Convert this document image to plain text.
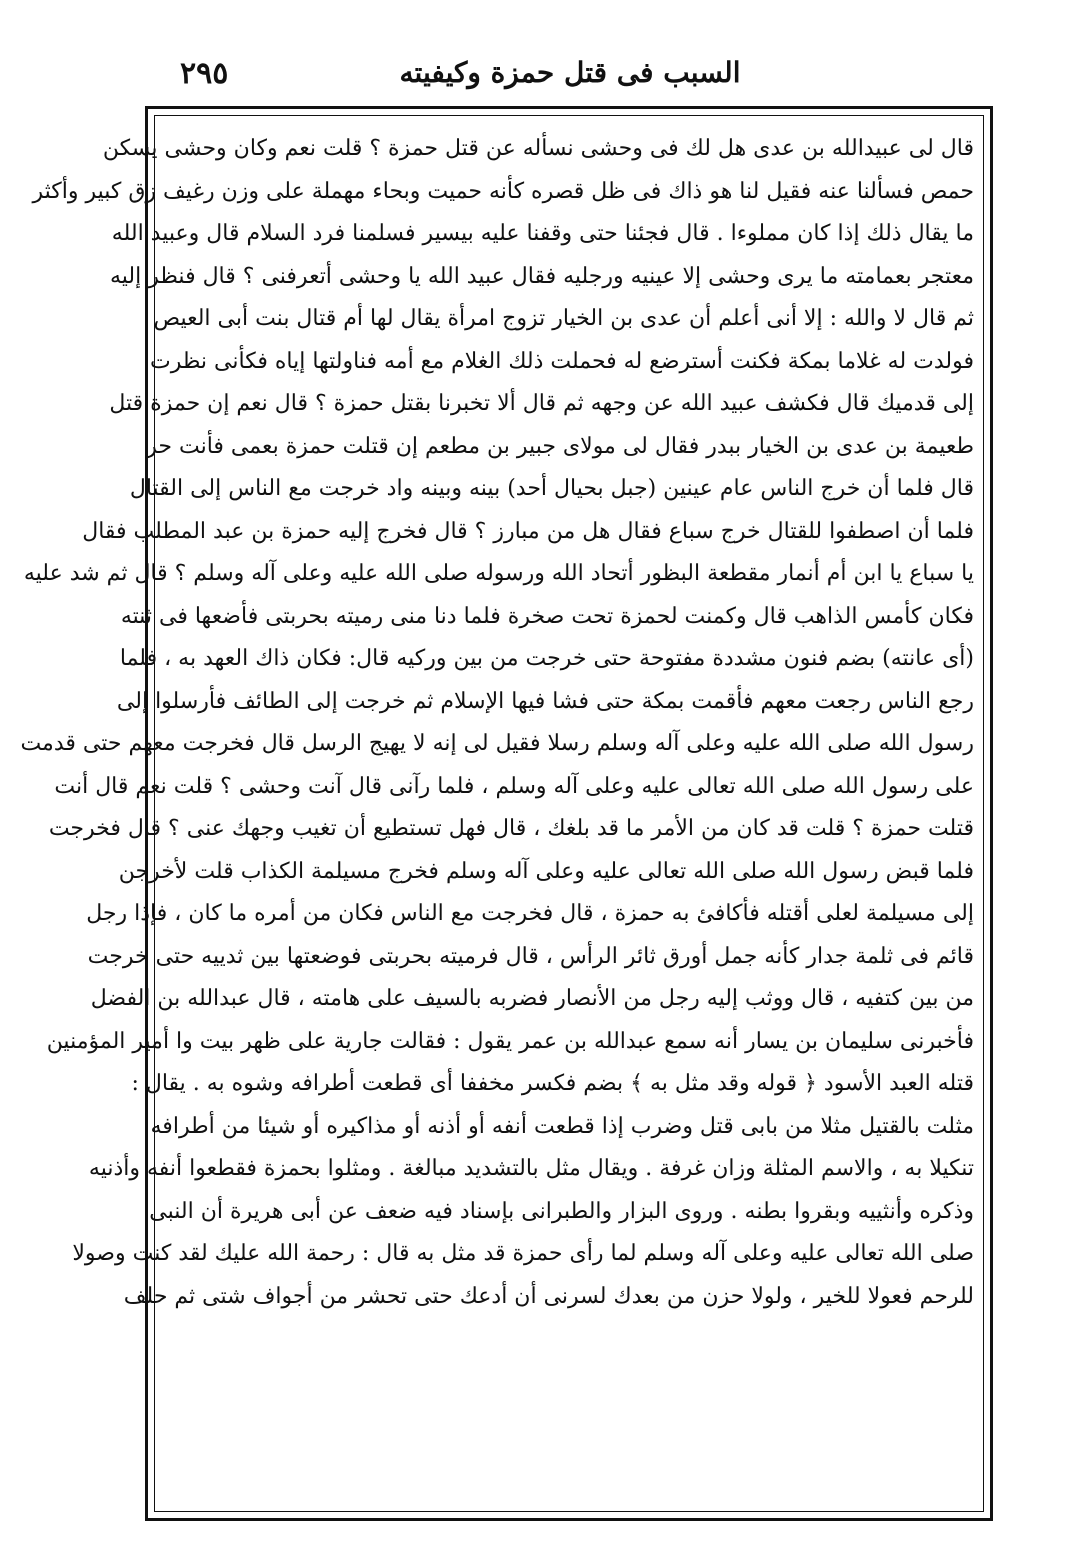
٢٩٥	السبب فى قتل حمزة وكيفيته
قال لى عبيدالله بن عدى هل لك فى وحشى نسأله عن قتل حمزة ؟ قلت نعم وكان وحشى يسكن
حمص فسألنا عنه فقيل لنا هو ذاك فى ظل قصره كأنه حميت وبحاء مهملة على وزن رغيف زق كبير وأكثر
ما يقال ذلك إذا كان مملوءا . قال فجئنا حتى وقفنا عليه بيسير فسلمنا فرد السلام قال وعبيد الله
معتجر بعمامته ما يرى وحشى إلا عينيه ورجليه فقال عبيد الله يا وحشى أتعرفنى ؟ قال فنظر إليه
ثم قال لا والله : إلا أنى أعلم أن عدى بن الخيار تزوج امرأة يقال لها أم قتال بنت أبى العيص
فولدت له غلاما بمكة فكنت أسترضع له فحملت ذلك الغلام مع أمه فناولتها إياه فكأنى نظرت
إلى قدميك قال فكشف عبيد الله عن وجهه ثم قال ألا تخبرنا بقتل حمزة ؟ قال نعم إن حمزة قتل
طعيمة بن عدى بن الخيار ببدر فقال لى مولاى جبير بن مطعم إن قتلت حمزة بعمى فأنت حر
قال فلما أن خرج الناس عام عينين (جبل بحيال أحد) بينه وبينه واد خرجت مع الناس إلى القتال
فلما أن اصطفوا للقتال خرج سباع فقال هل من مبارز ؟ قال فخرج إليه حمزة بن عبد المطلب فقال
يا سباع يا ابن أم أنمار مقطعة البظور أتحاد الله ورسوله صلى الله عليه وعلى آله وسلم ؟ قال ثم شد عليه
فكان كأمس الذاهب قال وكمنت لحمزة تحت صخرة فلما دنا منى رميته بحربتى فأضعها فى ثنته
(أى عانته) بضم فنون مشددة مفتوحة حتى خرجت من بين وركيه قال: فكان ذاك العهد به ، فلما
رجع الناس رجعت معهم فأقمت بمكة حتى فشا فيها الإسلام ثم خرجت إلى الطائف فأرسلوا إلى
رسول الله صلى الله عليه وعلى آله وسلم رسلا فقيل لى إنه لا يهيج الرسل قال فخرجت معهم حتى قدمت
على رسول الله صلى الله تعالى عليه وعلى آله وسلم ، فلما رآنى قال آنت وحشى ؟ قلت نعم قال أنت
قتلت حمزة ؟ قلت قد كان من الأمر ما قد بلغك ، قال فهل تستطيع أن تغيب وجهك عنى ؟ قال فخرجت
فلما قبض رسول الله صلى الله تعالى عليه وعلى آله وسلم فخرج مسيلمة الكذاب قلت لأخرجن
إلى مسيلمة لعلى أقتله فأكافئ به حمزة ، قال فخرجت مع الناس فكان من أمره ما كان ، فإذا رجل
قائم فى ثلمة جدار كأنه جمل أورق ثائر الرأس ، قال فرميته بحربتى فوضعتها بين ثدييه حتى خرجت
من بين كتفيه ، قال ووثب إليه رجل من الأنصار فضربه بالسيف على هامته ، قال عبدالله بن الفضل
فأخبرنى سليمان بن يسار أنه سمع عبدالله بن عمر يقول : فقالت جارية على ظهر بيت وا أمير المؤمنين
قتله العبد الأسود ﴿ قوله وقد مثل به ﴾ بضم فكسر مخففا أى قطعت أطرافه وشوه به . يقال :
مثلت بالقتيل مثلا من بابى قتل وضرب إذا قطعت أنفه أو أذنه أو مذاكيره أو شيئا من أطرافه
تنكيلا به ، والاسم المثلة وزان غرفة . ويقال مثل بالتشديد مبالغة . ومثلوا بحمزة فقطعوا أنفه وأذنيه
وذكره وأنثييه وبقروا بطنه . وروى البزار والطبرانى بإسناد فيه ضعف عن أبى هريرة أن النبى
صلى الله تعالى عليه وعلى آله وسلم لما رأى حمزة قد مثل به قال : رحمة الله عليك لقد كنت وصولا
للرحم فعولا للخير ، ولولا حزن من بعدك لسرنى أن أدعك حتى تحشر من أجواف شتى ثم حلف
